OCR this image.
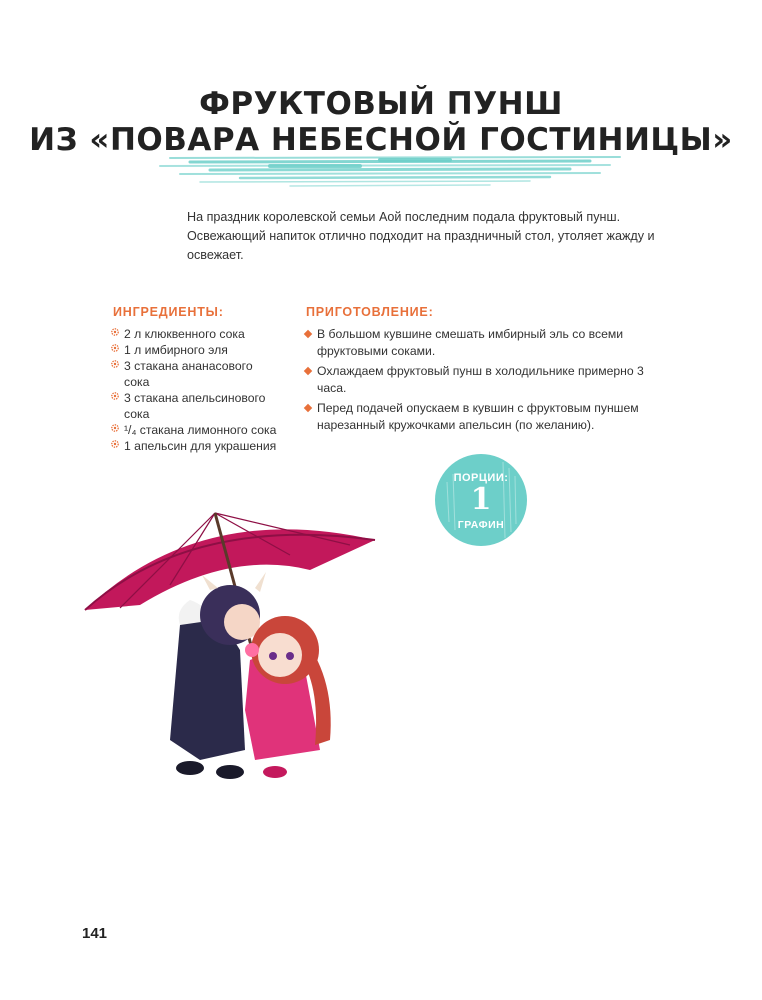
ФРУКТОВЫЙ ПУНШ
ИЗ «ПОВАРА НЕБЕСНОЙ ГОСТИНИЦЫ»
На праздник королевской семьи Аой последним подала фруктовый пунш. Освежающий напиток отлично подходит на праздничный стол, утоляет жажду и освежает.
ИНГРЕДИЕНТЫ:	ПРИГОТОВЛЕНИЕ:
2 л клюквенного сока
1 л имбирного эля
3 стакана ананасового сока
3 стакана апельсинового сока
¹/₄ стакана лимонного сока
1 апельсин для украшения
В большом кувшине смешать имбирный эль со всеми фруктовыми соками.
Охлаждаем фруктовый пунш в холодильнике примерно 3 часа.
Перед подачей опускаем в кувшин с фруктовым пуншем нарезанный кружочками апельсин (по желанию).
ПОРЦИИ:
1
ГРАФИН
141
